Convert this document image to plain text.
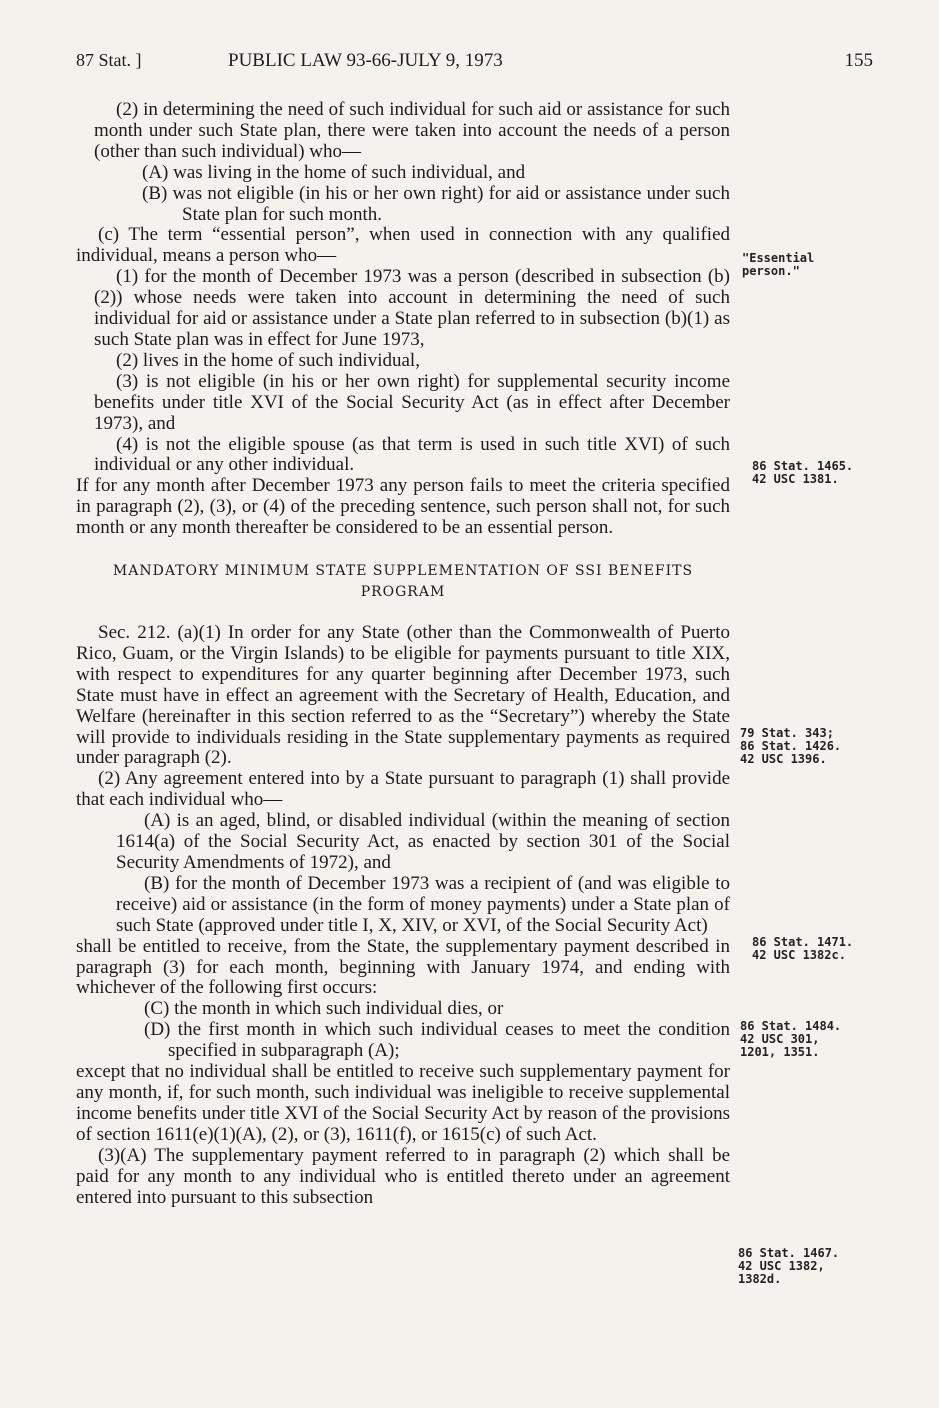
87 Stat. ]	PUBLIC LAW 93-66-JULY 9, 1973	155

(2) in determining the need of such individual for such aid or assistance for such month under such State plan, there were taken into account the needs of a person (other than such individual) who—

(A) was living in the home of such individual, and

(B) was not eligible (in his or her own right) for aid or assistance under such State plan for such month.

(c) The term “essential person”, when used in connection with any qualified individual, means a person who—

(1) for the month of December 1973 was a person (described in subsection (b)(2)) whose needs were taken into account in determining the need of such individual for aid or assistance under a State plan referred to in subsection (b)(1) as such State plan was in effect for June 1973,

(2) lives in the home of such individual,

(3) is not eligible (in his or her own right) for supplemental security income benefits under title XVI of the Social Security Act (as in effect after December 1973), and

(4) is not the eligible spouse (as that term is used in such title XVI) of such individual or any other individual.

If for any month after December 1973 any person fails to meet the criteria specified in paragraph (2), (3), or (4) of the preceding sentence, such person shall not, for such month or any month thereafter be considered to be an essential person.

MANDATORY MINIMUM STATE SUPPLEMENTATION OF SSI BENEFITS PROGRAM

Sec. 212. (a)(1) In order for any State (other than the Commonwealth of Puerto Rico, Guam, or the Virgin Islands) to be eligible for payments pursuant to title XIX, with respect to expenditures for any quarter beginning after December 1973, such State must have in effect an agreement with the Secretary of Health, Education, and Welfare (hereinafter in this section referred to as the “Secretary”) whereby the State will provide to individuals residing in the State supplementary payments as required under paragraph (2).

(2) Any agreement entered into by a State pursuant to paragraph (1) shall provide that each individual who—

(A) is an aged, blind, or disabled individual (within the meaning of section 1614(a) of the Social Security Act, as enacted by section 301 of the Social Security Amendments of 1972), and

(B) for the month of December 1973 was a recipient of (and was eligible to receive) aid or assistance (in the form of money payments) under a State plan of such State (approved under title I, X, XIV, or XVI, of the Social Security Act)

shall be entitled to receive, from the State, the supplementary payment described in paragraph (3) for each month, beginning with January 1974, and ending with whichever of the following first occurs:

(C) the month in which such individual dies, or

(D) the first month in which such individual ceases to meet the condition specified in subparagraph (A);

except that no individual shall be entitled to receive such supplementary payment for any month, if, for such month, such individual was ineligible to receive supplemental income benefits under title XVI of the Social Security Act by reason of the provisions of section 1611(e)(1)(A), (2), or (3), 1611(f), or 1615(c) of such Act.

(3)(A) The supplementary payment referred to in paragraph (2) which shall be paid for any month to any individual who is entitled thereto under an agreement entered into pursuant to this subsection

"Essential
person."
86 Stat. 1465.
42 USC 1381.
79 Stat. 343;
86 Stat. 1426.
42 USC 1396.
86 Stat. 1471.
42 USC 1382c.
86 Stat. 1484.
42 USC 301,
1201, 1351.
86 Stat. 1467.
42 USC 1382,
1382d.
